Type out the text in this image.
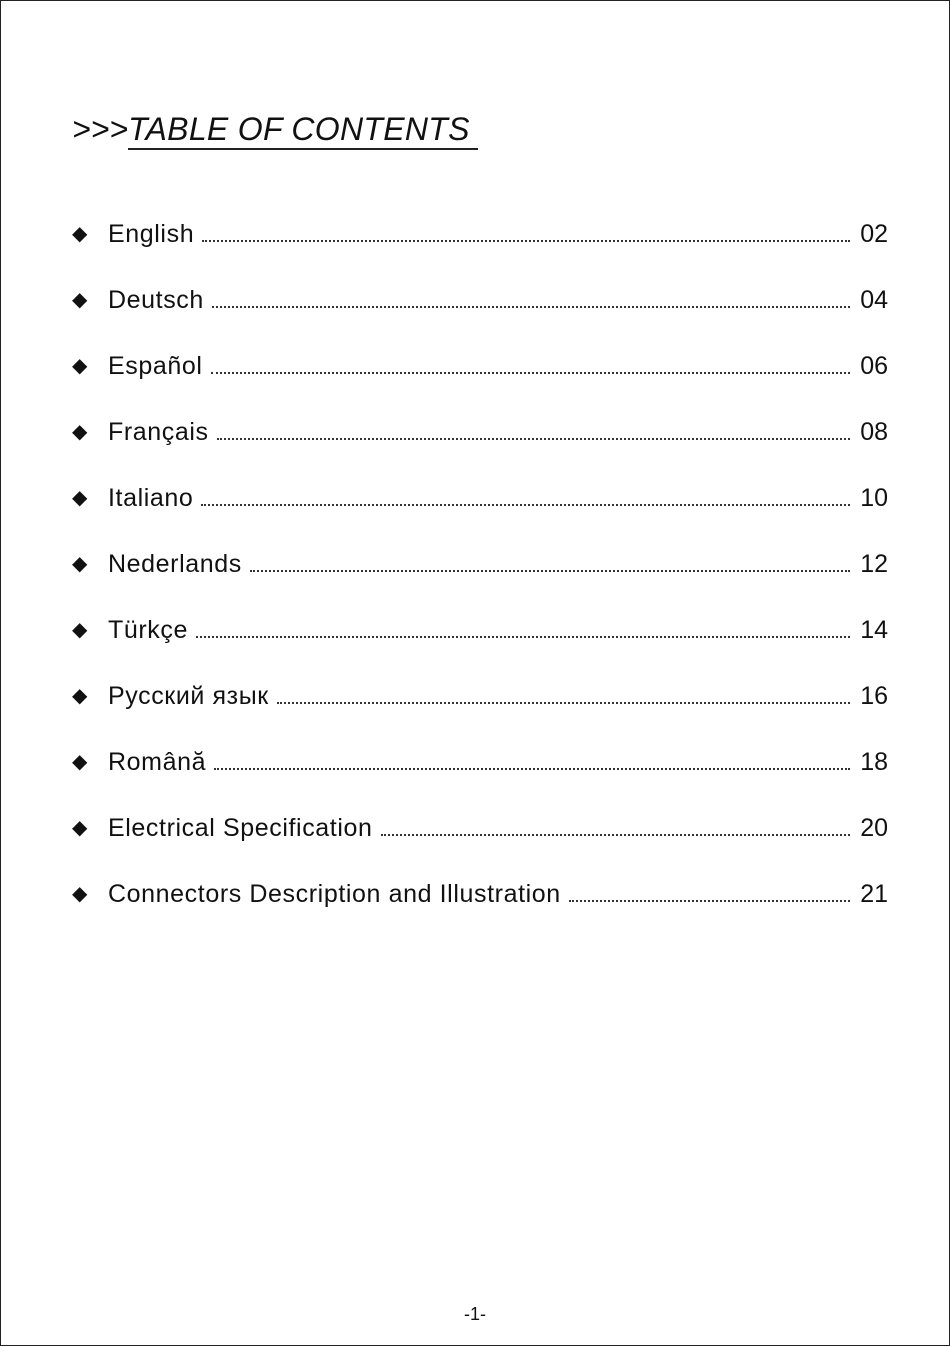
>>>TABLE OF CONTENTS
◆ English	02
◆ Deutsch	04
◆ Español	06
◆ Français	08
◆ Italiano	10
◆ Nederlands	12
◆ Türkçe	14
◆ Русский язык	16
◆ Română	18
◆ Electrical Specification	20
◆ Connectors Description and Illustration	21
-1-
